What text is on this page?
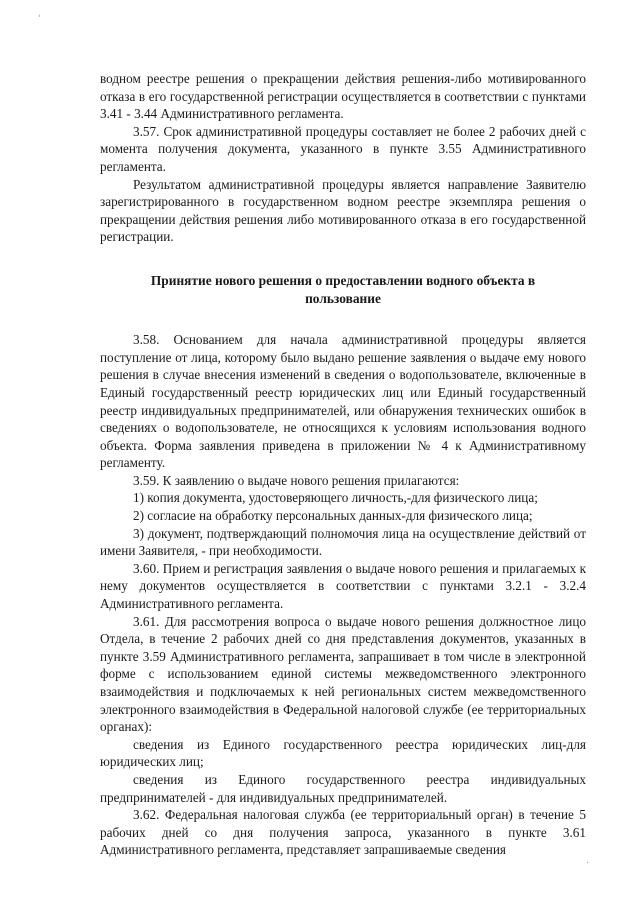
'
.

водном реестре решения о прекращении действия решения-либо мотивированного отказа в его государственной регистрации осуществляется в соответствии с пунктами 3.41 - 3.44 Административного регламента.

3.57. Срок административной процедуры составляет не более 2 рабочих дней с момента получения документа, указанного в пункте 3.55 Административного регламента.

Результатом административной процедуры является направление Заявителю зарегистрированного в государственном водном реестре экземпляра решения о прекращении действия решения либо мотивированного отказа в его государственной регистрации.

Принятие нового решения о предоставлении водного объекта в пользование

3.58. Основанием для начала административной процедуры является поступление от лица, которому было выдано решение заявления о выдаче ему нового решения в случае внесения изменений в сведения о водопользователе, включенные в Единый государственный реестр юридических лиц или Единый государственный реестр индивидуальных предпринимателей, или обнаружения технических ошибок в сведениях о водопользователе, не относящихся к условиям использования водного объекта. Форма заявления приведена в приложении № 4 к Административному регламенту.

3.59. К заявлению о выдаче нового решения прилагаются:

1) копия документа, удостоверяющего личность,-для физического лица;

2) согласие на обработку персональных данных-для физического лица;

3) документ, подтверждающий полномочия лица на осуществление действий от имени Заявителя, - при необходимости.

3.60. Прием и регистрация заявления о выдаче нового решения и прилагаемых к нему документов осуществляется в соответствии с пунктами 3.2.1 - 3.2.4 Административного регламента.

3.61. Для рассмотрения вопроса о выдаче нового решения должностное лицо Отдела, в течение 2 рабочих дней со дня представления документов, указанных в пункте 3.59 Административного регламента, запрашивает в том числе в электронной форме с использованием единой системы межведомственного электронного взаимодействия и подключаемых к ней региональных систем межведомственного электронного взаимодействия в Федеральной налоговой службе (ее территориальных органах):

сведения из Единого государственного реестра юридических лиц-для юридических лиц;

сведения из Единого государственного реестра индивидуальных предпринимателей - для индивидуальных предпринимателей.

3.62. Федеральная налоговая служба (ее территориальный орган) в течение 5 рабочих дней со дня получения запроса, указанного в пункте 3.61 Административного регламента, представляет запрашиваемые сведения
